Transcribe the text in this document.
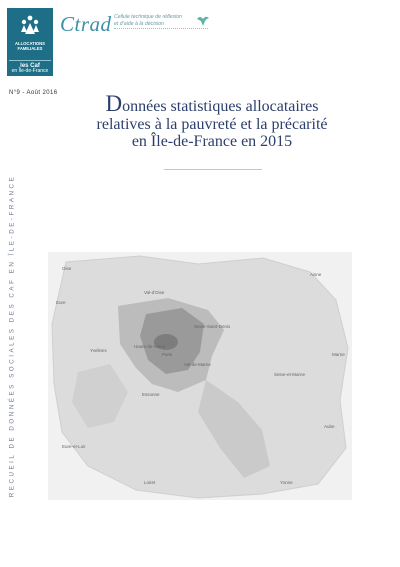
ALLOCATIONS
FAMILIALES
les Caf
en Île-de-France
Ctrad Cellule technique de réflexion
et d’aide à la décision
N°9 - Août 2016	Données statistiques allocataires
relatives à la pauvreté et la précarité
en Île-de-France en 2015
RECUEIL DE DONNÉES SOCIALES DES CAF EN ÎLE-DE-FRANCE	Oise
Val-d'Oise
Seine-Saint-Denis
Hauts-de-Seine
Paris
Yvelines
Val-de-Marne
Essonne
Seine-et-Marne
Marne
Aube
Eure-et-Loir
Loiret	Yonne
Eure
Aisne
